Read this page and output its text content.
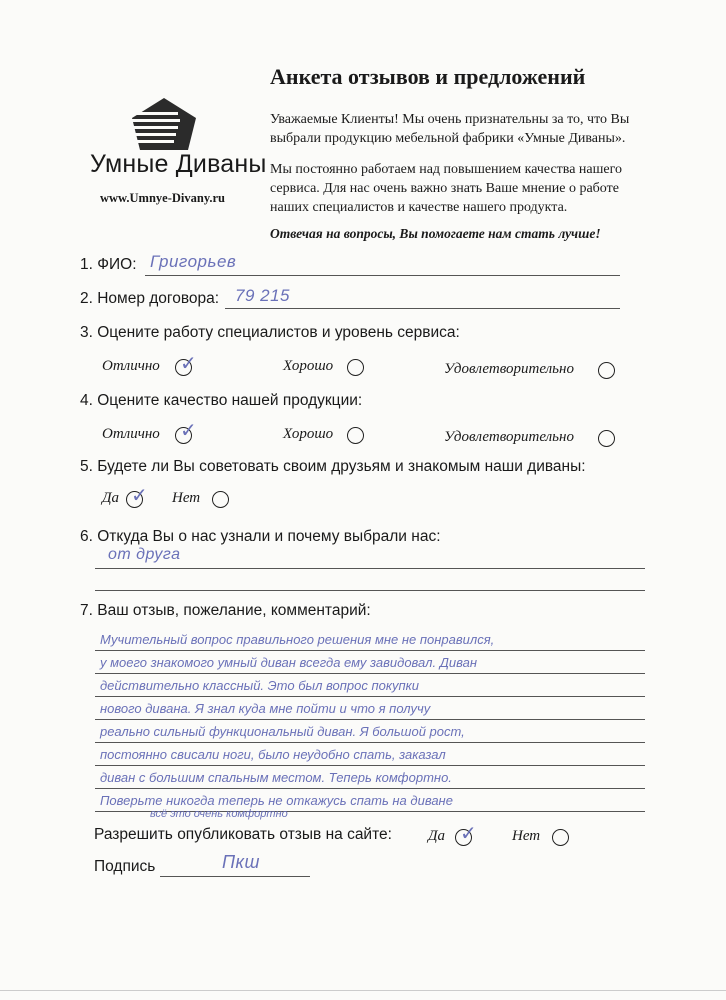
Умные Диваны
www.Umnye-Divany.ru
Анкета отзывов и предложений
Уважаемые Клиенты! Мы очень признательны за то, что Вы
выбрали продукцию мебельной фабрики «Умные Диваны».
Мы постоянно работаем над повышением качества нашего
сервиса. Для нас очень важно знать Ваше мнение о работе
наших специалистов и качестве нашего продукта.
Отвечая на вопросы, Вы помогаете нам стать лучше!
1. ФИО: Григорьев
2. Номер договора: 79 215
3. Оцените работу специалистов и уровень сервиса:
Отлично ✓	Хорошо	Удовлетворительно
4. Оцените качество нашей продукции:
Отлично ✓	Хорошо	Удовлетворительно
5. Будете ли Вы советовать своим друзьям и знакомым наши диваны:
Да ✓ Нет
6. Откуда Вы о нас узнали и почему выбрали нас:
от друга
7. Ваш отзыв, пожелание, комментарий:
Мучительный вопрос правильного решения мне не понравился,
у моего знакомого умный диван всегда ему завидовал. Диван
действительно классный. Это был вопрос покупки
нового дивана. Я знал куда мне пойти и что я получу
реально сильный функциональный диван. Я большой рост,
постоянно свисали ноги, было неудобно спать, заказал
диван с большим спальным местом. Теперь комфортно.
Поверьте никогда теперь не откажусь спать на диване
всё это очень комфортно
Разрешить опубликовать отзыв на сайте: Да ✓ Нет
Подпись	Пкш
